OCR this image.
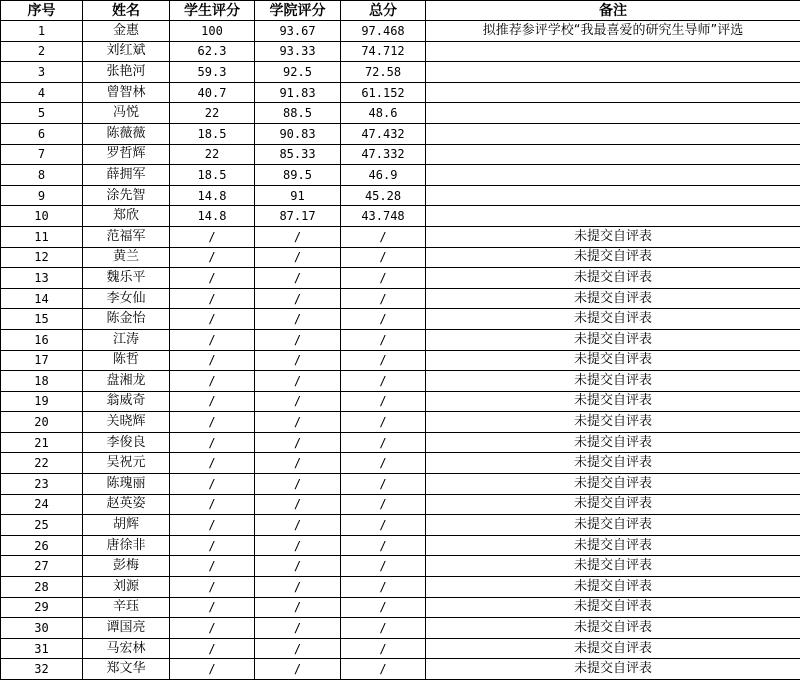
序号	姓名	学生评分	学院评分	总分	备注
1	金惠	100	93.67	97.468	拟推荐参评学校“我最喜爱的研究生导师”评选
2	刘红斌	62.3	93.33	74.712	
3	张艳河	59.3	92.5	72.58	
4	曾智林	40.7	91.83	61.152	
5	冯悦	22	88.5	48.6	
6	陈薇薇	18.5	90.83	47.432	
7	罗哲辉	22	85.33	47.332	
8	薛拥军	18.5	89.5	46.9	
9	涂先智	14.8	91	45.28	
10	郑欣	14.8	87.17	43.748	
11	范福军	/	/	/	未提交自评表
12	黄兰	/	/	/	未提交自评表
13	魏乐平	/	/	/	未提交自评表
14	李女仙	/	/	/	未提交自评表
15	陈金怡	/	/	/	未提交自评表
16	江涛	/	/	/	未提交自评表
17	陈哲	/	/	/	未提交自评表
18	盘湘龙	/	/	/	未提交自评表
19	翁威奇	/	/	/	未提交自评表
20	关晓辉	/	/	/	未提交自评表
21	李俊良	/	/	/	未提交自评表
22	吴祝元	/	/	/	未提交自评表
23	陈瑰丽	/	/	/	未提交自评表
24	赵英姿	/	/	/	未提交自评表
25	胡辉	/	/	/	未提交自评表
26	唐徐非	/	/	/	未提交自评表
27	彭梅	/	/	/	未提交自评表
28	刘源	/	/	/	未提交自评表
29	辛珏	/	/	/	未提交自评表
30	谭国亮	/	/	/	未提交自评表
31	马宏林	/	/	/	未提交自评表
32	郑文华	/	/	/	未提交自评表
